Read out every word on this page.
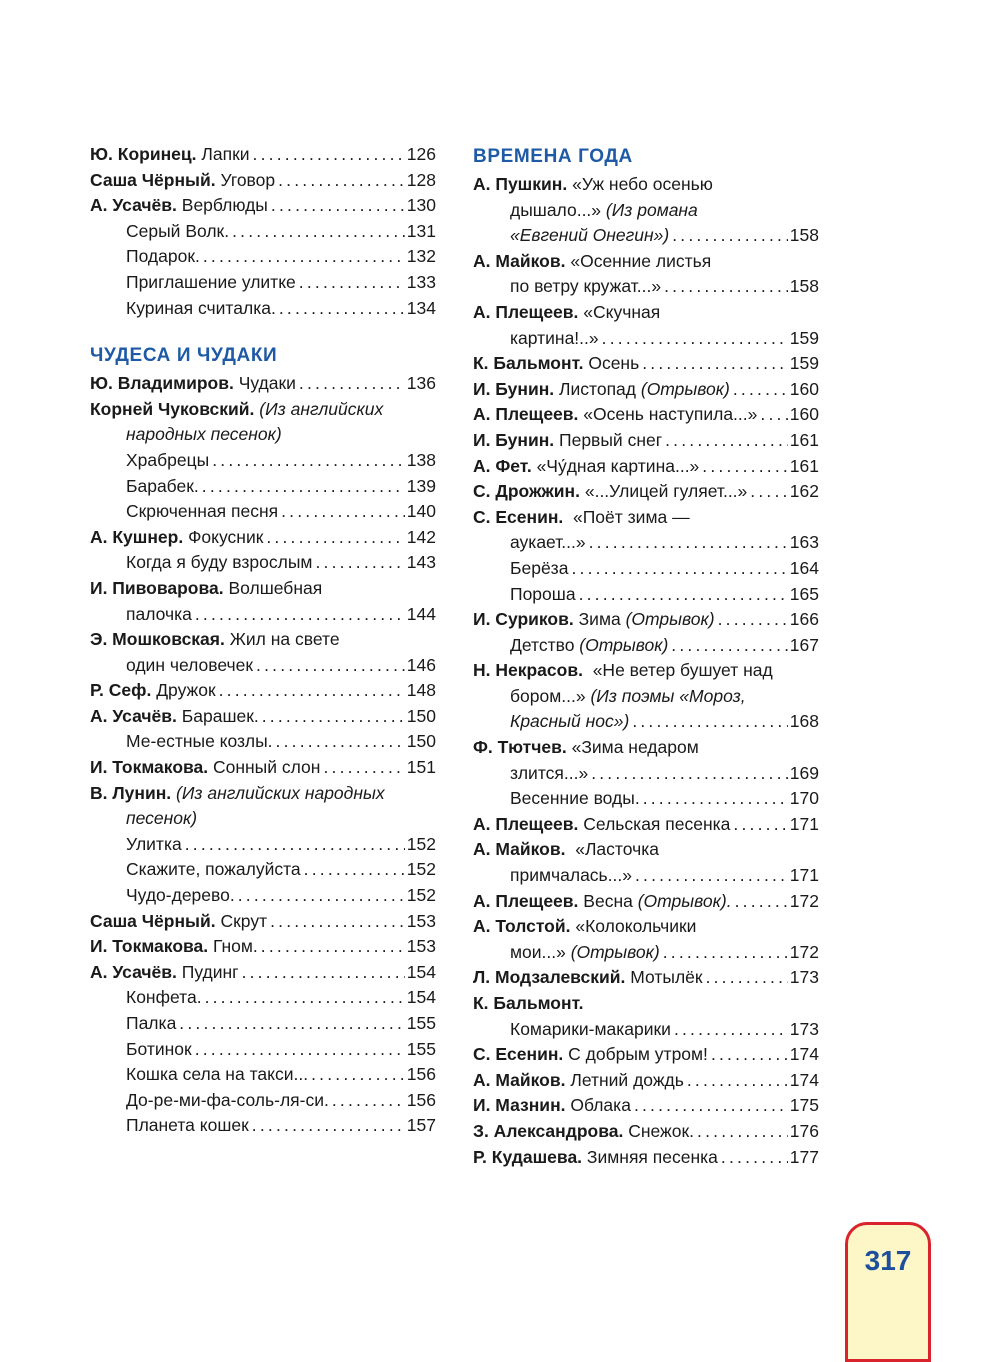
Ю. Коринец. Лапки .....	126
Саша Чёрный. Уговор .....	128
А. Усачёв. Верблюды .....	130
Серый Волк. .....	131
Подарок. .....	132
Приглашение улитке .....	133
Куриная считалка. .....	134
ЧУДЕСА И ЧУДАКИ
Ю. Владимиров. Чудаки .....	136
Корней Чуковский. (Из английских
народных песенок)
Храбрецы .....	138
Барабек. .....	139
Скрюченная песня .....	140
А. Кушнер. Фокусник .....	142
Когда я буду взрослым .....	143
И. Пивоварова. Волшебная
палочка .....	144
Э. Мошковская. Жил на свете
один человечек .....	146
Р. Сеф. Дружок .....	148
А. Усачёв. Барашек. .....	150
Ме-естные козлы. .....	150
И. Токмакова. Сонный слон .....	151
В. Лунин. (Из английских народных
песенок)
Улитка .....	152
Скажите, пожалуйста .....	152
Чудо-дерево. .....	152
Саша Чёрный. Скрут .....	153
И. Токмакова. Гном. .....	153
А. Усачёв. Пудинг .....	154
Конфета. .....	154
Палка .....	155
Ботинок .....	155
Кошка села на такси... .....	156
До-ре-ми-фа-соль-ля-си. .....	156
Планета кошек .....	157
ВРЕМЕНА ГОДА
А. Пушкин. «Уж небо осенью
дышало...» (Из романа
«Евгений Онегин») .....	158
А. Майков. «Осенние листья
по ветру кружат...» .....	158
А. Плещеев. «Скучная
картина!..» .....	159
К. Бальмонт. Осень .....	159
И. Бунин. Листопад (Отрывок) .....	160
А. Плещеев. «Осень наступила...» ..... 160
И. Бунин. Первый снег .....	161
А. Фет. «Чу́дная картина...» .....	161
С. Дрожжин. «...Улицей гуляет...» ..... 162
С. Есенин.  «Поёт зима —
аукает...» .....	163
Берёза .....	164
Пороша .....	165
И. Суриков. Зима (Отрывок) .....	166
Детство (Отрывок) .....	167
Н. Некрасов.  «Не ветер бушует над
бором...» (Из поэмы «Мороз,
Красный нос») .....	168
Ф. Тютчев. «Зима недаром
злится...» .....	169
Весенние воды. .....	170
А. Плещеев. Сельская песенка .....	171
А. Майков.  «Ласточка
примчалась...» .....	171
А. Плещеев. Весна (Отрывок). .....	172
А. Толстой. «Колокольчики
мои...» (Отрывок) .....	172
Л. Модзалевский. Мотылёк .....	173
К. Бальмонт.
Комарики-макарики .....	173
С. Есенин. С добрым утром! .....	174
А. Майков. Летний дождь .....	174
И. Мазнин. Облака .....	175
З. Александрова. Снежок. .....	176
Р. Кудашева. Зимняя песенка .....	177
317
